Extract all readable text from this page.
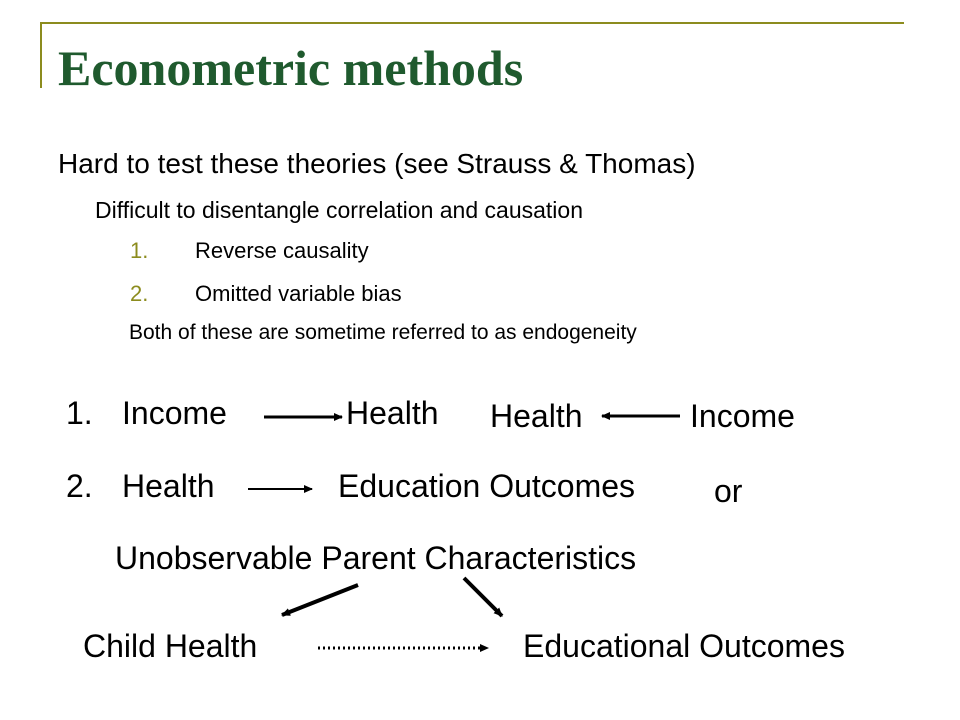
Econometric methods
Hard to test these theories (see Strauss & Thomas)
Difficult to disentangle correlation and causation
1. Reverse causality
2. Omitted variable bias
Both of these are sometime referred to as endogeneity
1. Income	Health Health	Income
2. Health	Education Outcomes or
Unobservable Parent Characteristics
Child Health	Educational Outcomes
